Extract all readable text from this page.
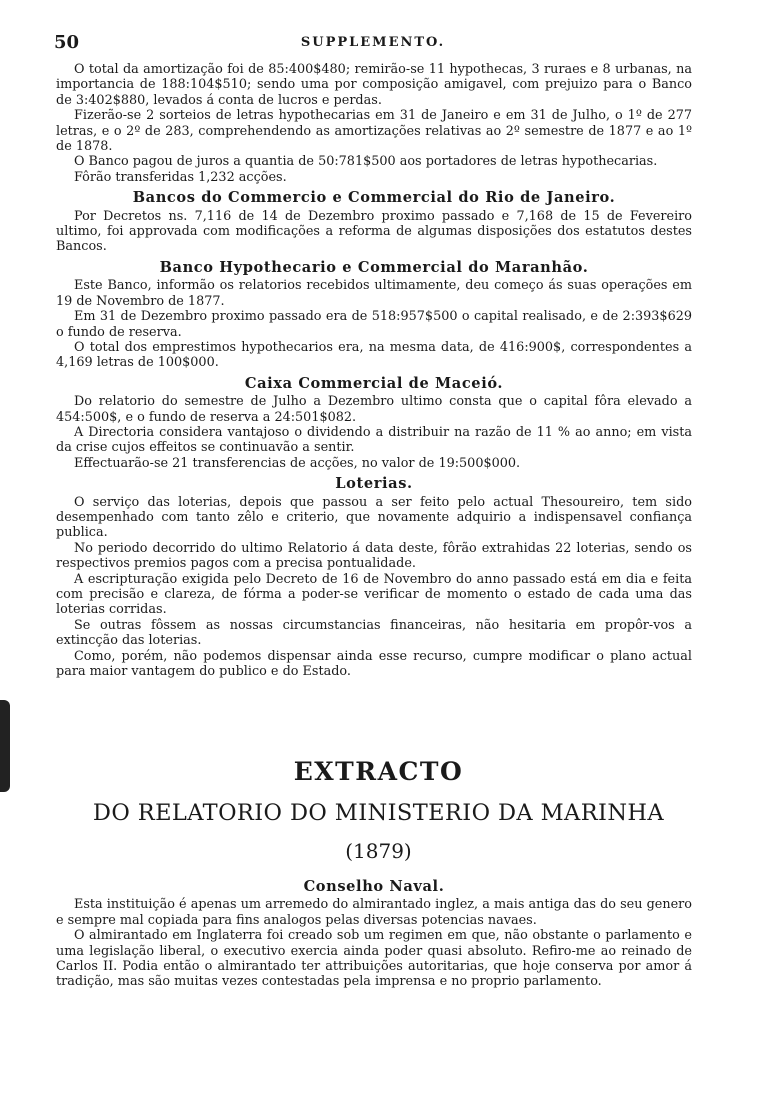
50	SUPPLEMENTO.

O total da amortização foi de 85:400$480; remirão-se 11 hypothecas, 3 ruraes e 8 urbanas, na importancia de 188:104$510; sendo uma por composição amigavel, com prejuizo para o Banco de 3:402$880, levados á conta de lucros e perdas.

Fizerão-se 2 sorteios de letras hypothecarias em 31 de Janeiro e em 31 de Julho, o 1º de 277 letras, e o 2º de 283, comprehendendo as amortizações relativas ao 2º semestre de 1877 e ao 1º de 1878.

O Banco pagou de juros a quantia de 50:781$500 aos portadores de letras hypothecarias.

Fôrão transferidas 1,232 acções.

Bancos do Commercio e Commercial do Rio de Janeiro.

Por Decretos ns. 7,116 de 14 de Dezembro proximo passado e 7,168 de 15 de Fevereiro ultimo, foi approvada com modificações a reforma de algumas disposições dos estatutos destes Bancos.

Banco Hypothecario e Commercial do Maranhão.

Este Banco, informão os relatorios recebidos ultimamente, deu começo ás suas operações em 19 de Novembro de 1877.

Em 31 de Dezembro proximo passado era de 518:957$500 o capital realisado, e de 2:393$629 o fundo de reserva.

O total dos emprestimos hypothecarios era, na mesma data, de 416:900$, correspondentes a 4,169 letras de 100$000.

Caixa Commercial de Maceió.

Do relatorio do semestre de Julho a Dezembro ultimo consta que o capital fôra elevado a 454:500$, e o fundo de reserva a 24:501$082.

A Directoria considera vantajoso o dividendo a distribuir na razão de 11 % ao anno; em vista da crise cujos effeitos se continuavão a sentir.

Effectuarão-se 21 transferencias de acções, no valor de 19:500$000.

Loterias.

O serviço das loterias, depois que passou a ser feito pelo actual Thesoureiro, tem sido desempenhado com tanto zêlo e criterio, que novamente adquirio a indispensavel confiança publica.

No periodo decorrido do ultimo Relatorio á data deste, fôrão extrahidas 22 loterias, sendo os respectivos premios pagos com a precisa pontualidade.

A escripturação exigida pelo Decreto de 16 de Novembro do anno passado está em dia e feita com precisão e clareza, de fórma a poder-se verificar de momento o estado de cada uma das loterias corridas.

Se outras fôssem as nossas circumstancias financeiras, não hesitaria em propôr-vos a extincção das loterias.

Como, porém, não podemos dispensar ainda esse recurso, cumpre modificar o plano actual para maior vantagem do publico e do Estado.

EXTRACTO
DO RELATORIO DO MINISTERIO DA MARINHA
(1879)
Conselho Naval.

Esta instituição é apenas um arremedo do almirantado inglez, a mais antiga das do seu genero e sempre mal copiada para fins analogos pelas diversas potencias navaes.

O almirantado em Inglaterra foi creado sob um regimen em que, não obstante o parlamento e uma legislação liberal, o executivo exercia ainda poder quasi absoluto. Refiro-me ao reinado de Carlos II. Podia então o almirantado ter attribuições autoritarias, que hoje conserva por amor á tradição, mas são muitas vezes contestadas pela imprensa e no proprio parlamento.
